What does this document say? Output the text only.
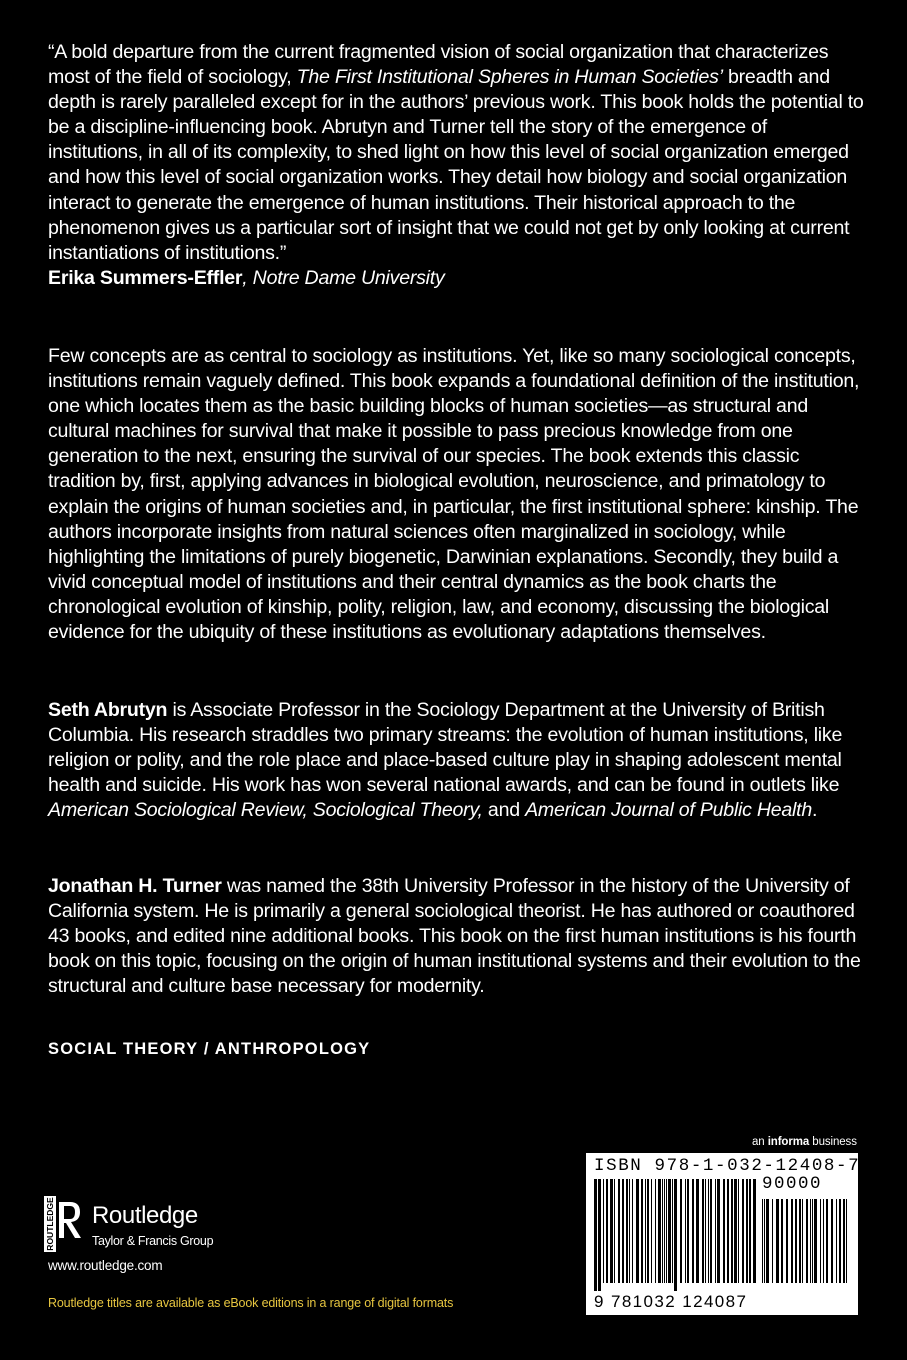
“A bold departure from the current fragmented vision of social organization that characterizes most of the field of sociology, The First Institutional Spheres in Human Societies’ breadth and depth is rarely paralleled except for in the authors’ previous work. This book holds the potential to be a discipline-influencing book. Abrutyn and Turner tell the story of the emergence of institutions, in all of its complexity, to shed light on how this level of social organization emerged and how this level of social organization works. They detail how biology and social organization interact to generate the emergence of human institutions. Their historical approach to the phenomenon gives us a particular sort of insight that we could not get by only looking at current instantiations of institutions.”

Erika Summers-Effler, Notre Dame University

Few concepts are as central to sociology as institutions. Yet, like so many sociological concepts, institutions remain vaguely defined. This book expands a foundational definition of the institution, one which locates them as the basic building blocks of human societies—as structural and cultural machines for survival that make it possible to pass precious knowledge from one generation to the next, ensuring the survival of our species. The book extends this classic tradition by, first, applying advances in biological evolution, neuroscience, and primatology to explain the origins of human societies and, in particular, the first institutional sphere: kinship. The authors incorporate insights from natural sciences often marginalized in sociology, while highlighting the limitations of purely biogenetic, Darwinian explanations. Secondly, they build a vivid conceptual model of institutions and their central dynamics as the book charts the chronological evolution of kinship, polity, religion, law, and economy, discussing the biological evidence for the ubiquity of these institutions as evolutionary adaptations themselves.

Seth Abrutyn is Associate Professor in the Sociology Department at the University of British Columbia. His research straddles two primary streams: the evolution of human institutions, like religion or polity, and the role place and place-based culture play in shaping adolescent mental health and suicide. His work has won several national awards, and can be found in outlets like American Sociological Review, Sociological Theory, and American Journal of Public Health.

Jonathan H. Turner was named the 38th University Professor in the history of the University of California system. He is primarily a general sociological theorist. He has authored or coauthored 43 books, and edited nine additional books. This book on the first human institutions is his fourth book on this topic, focusing on the origin of human institutional systems and their evolution to the structural and culture base necessary for modernity.

SOCIAL THEORY / ANTHROPOLOGY
an informa business
ISBN 978-1-032-12408-7
9 781032 124087
90000
ROUTLEDGE Routledge
Taylor & Francis Group
www.routledge.com
Routledge titles are available as eBook editions in a range of digital formats
